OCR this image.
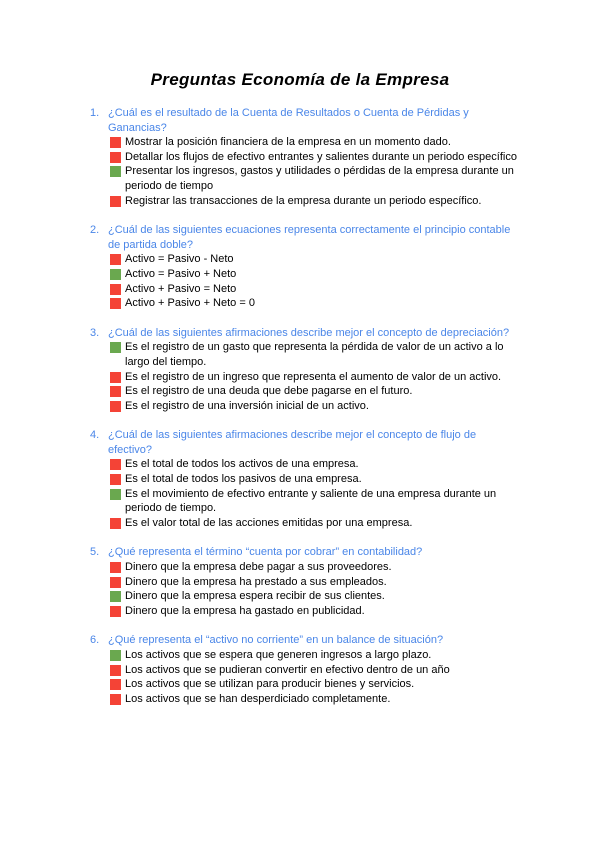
Preguntas Economía de la Empresa
1. ¿Cuál es el resultado de la Cuenta de Resultados o Cuenta de Pérdidas y Ganancias?
Mostrar la posición financiera de la empresa en un momento dado.
Detallar los flujos de efectivo entrantes y salientes durante un periodo específico
Presentar los ingresos, gastos y utilidades o pérdidas de la empresa durante un periodo de tiempo
Registrar las transacciones de la empresa durante un periodo específico.
2. ¿Cuál de las siguientes ecuaciones representa correctamente el principio contable de partida doble?
Activo = Pasivo - Neto
Activo = Pasivo + Neto
Activo + Pasivo = Neto
Activo + Pasivo + Neto = 0
3. ¿Cuál de las siguientes afirmaciones describe mejor el concepto de depreciación?
Es el registro de un gasto que representa la pérdida de valor de un activo a lo largo del tiempo.
Es el registro de un ingreso que representa el aumento de valor de un activo.
Es el registro de una deuda que debe pagarse en el futuro.
Es el registro de una inversión inicial de un activo.
4. ¿Cuál de las siguientes afirmaciones describe mejor el concepto de flujo de efectivo?
Es el total de todos los activos de una empresa.
Es el total de todos los pasivos de una empresa.
Es el movimiento de efectivo entrante y saliente de una empresa durante un periodo de tiempo.
Es el valor total de las acciones emitidas por una empresa.
5. ¿Qué representa el término “cuenta por cobrar” en contabilidad?
Dinero que la empresa debe pagar a sus proveedores.
Dinero que la empresa ha prestado a sus empleados.
Dinero que la empresa espera recibir de sus clientes.
Dinero que la empresa ha gastado en publicidad.
6. ¿Qué representa el “activo no corriente” en un balance de situación?
Los activos que se espera que generen ingresos a largo plazo.
Los activos que se pudieran convertir en efectivo dentro de un año
Los activos que se utilizan para producir bienes y servicios.
Los activos que se han desperdiciado completamente.
